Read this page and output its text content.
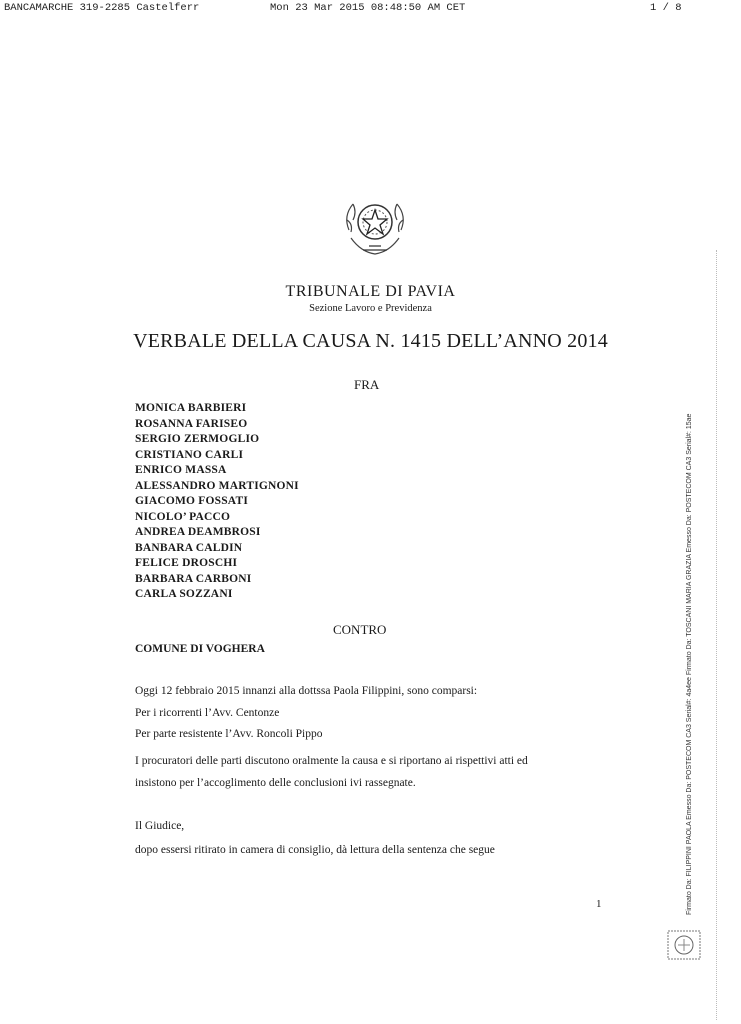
BANCAMARCHE 319-2285 Castelferr	Mon 23 Mar 2015 08:48:50 AM CET	1 / 8
TRIBUNALE DI PAVIA
Sezione Lavoro e Previdenza
VERBALE DELLA CAUSA N. 1415 DELL’ANNO 2014
FRA
MONICA BARBIERI
ROSANNA FARISEO
SERGIO ZERMOGLIO
CRISTIANO CARLI
ENRICO MASSA
ALESSANDRO MARTIGNONI
GIACOMO FOSSATI
NICOLO’ PACCO
ANDREA DEAMBROSI
BANBARA CALDIN
FELICE DROSCHI
BARBARA CARBONI
CARLA SOZZANI
CONTRO
COMUNE DI VOGHERA
Oggi 12 febbraio 2015 innanzi alla dottssa Paola Filippini, sono comparsi:
Per i ricorrenti l’Avv. Centonze
Per parte resistente l’Avv. Roncoli Pippo
I procuratori delle parti discutono oralmente la causa e si riportano ai rispettivi atti ed
insistono per l’accoglimento delle conclusioni ivi rassegnate.
Il Giudice,
dopo essersi ritirato in camera di consiglio, dà lettura della sentenza che segue
1	Firmato Da: FILIPPINI PAOLA Emesso Da: POSTECOM CA3 Serial#: 4a4ee Firmato Da: TOSCANI MARIA GRAZIA Emesso Da: POSTECOM CA3 Serial#: 15ae
